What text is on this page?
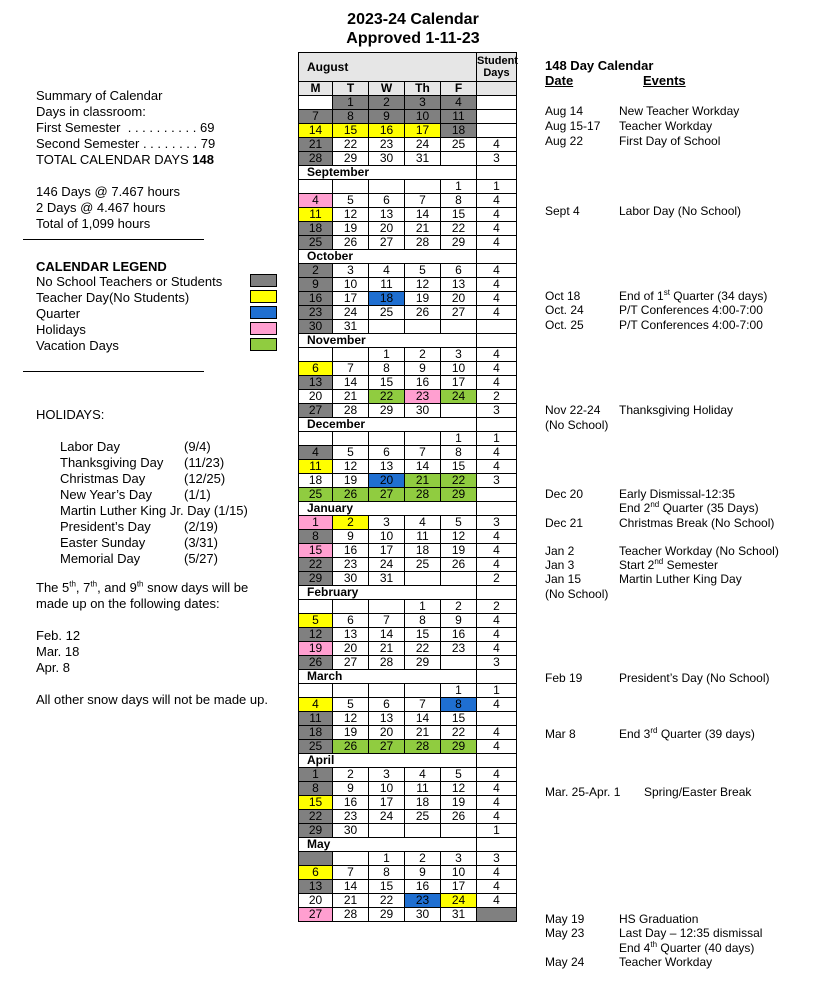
2023-24 Calendar
Approved 1-11-23
Summary of Calendar
Days in classroom:
First Semester  . . . . . . . . . . 69
Second Semester . . . . . . . . 79
TOTAL CALENDAR DAYS 148
146 Days @ 7.467 hours
2 Days @ 4.467 hours
Total of 1,099 hours
CALENDAR LEGEND
No School Teachers or Students
Teacher Day(No Students)
Quarter
Holidays
Vacation Days
HOLIDAYS:
Labor Day	(9/4)
Thanksgiving Day (11/23)
Christmas Day	(12/25)
New Year’s Day (1/1)
Martin Luther King Jr. Day (1/15)
President’s Day	(2/19)
Easter Sunday	(3/31)
Memorial Day	(5/27)
The 5th, 7th, and 9th snow days will be
made up on the following dates:
Feb. 12
Mar. 18
Apr. 8
All other snow days will not be made up.
August					Student Days
M	T	W	Th	F	
	1	2	3	4	
7	8	9	10	11	
14	15	16	17	18	
21	22	23	24	25	4
28	29	30	31		3
September					
				1	1
4	5	6	7	8	4
11	12	13	14	15	4
18	19	20	21	22	4
25	26	27	28	29	4
October					
2	3	4	5	6	4
9	10	11	12	13	4
16	17	18	19	20	4
23	24	25	26	27	4
30	31				
November					
		1	2	3	4
6	7	8	9	10	4
13	14	15	16	17	4
20	21	22	23	24	2
27	28	29	30		3
December					
				1	1
4	5	6	7	8	4
11	12	13	14	15	4
18	19	20	21	22	3
25	26	27	28	29	
January					
1	2	3	4	5	3
8	9	10	11	12	4
15	16	17	18	19	4
22	23	24	25	26	4
29	30	31			2
February					
			1	2	2
5	6	7	8	9	4
12	13	14	15	16	4
19	20	21	22	23	4
26	27	28	29		3
March					
				1	1
4	5	6	7	8	4
11	12	13	14	15	
18	19	20	21	22	4
25	26	27	28	29	4
April					
1	2	3	4	5	4
8	9	10	11	12	4
15	16	17	18	19	4
22	23	24	25	26	4
29	30				1
May					
		1	2	3	3
6	7	8	9	10	4
13	14	15	16	17	4
20	21	22	23	24	4
27	28	29	30	31	
148 Day Calendar
Date	Events
Aug 14	New Teacher Workday
Aug 15-17 Teacher Workday
Aug 22	First Day of School
Sept 4	Labor Day (No School)
Oct 18	End of 1st Quarter (34 days)
Oct. 24	P/T Conferences 4:00-7:00
Oct. 25	P/T Conferences 4:00-7:00
Nov 22-24	Thanksgiving Holiday (No School)
Dec 20	Early Dismissal-12:35
End 2nd Quarter (35 Days)
Dec 21	Christmas Break (No School)
Jan 2	Teacher Workday (No School)
Jan 3	Start 2nd Semester
Jan 15	Martin Luther King Day (No School)
Feb 19	President’s Day (No School)
Mar 8	End 3rd Quarter (39 days)
Mar. 25-Apr. 1 Spring/Easter Break
May 19	HS Graduation
May 23	Last Day – 12:35 dismissal
End 4th Quarter (40 days)
May 24	Teacher Workday
